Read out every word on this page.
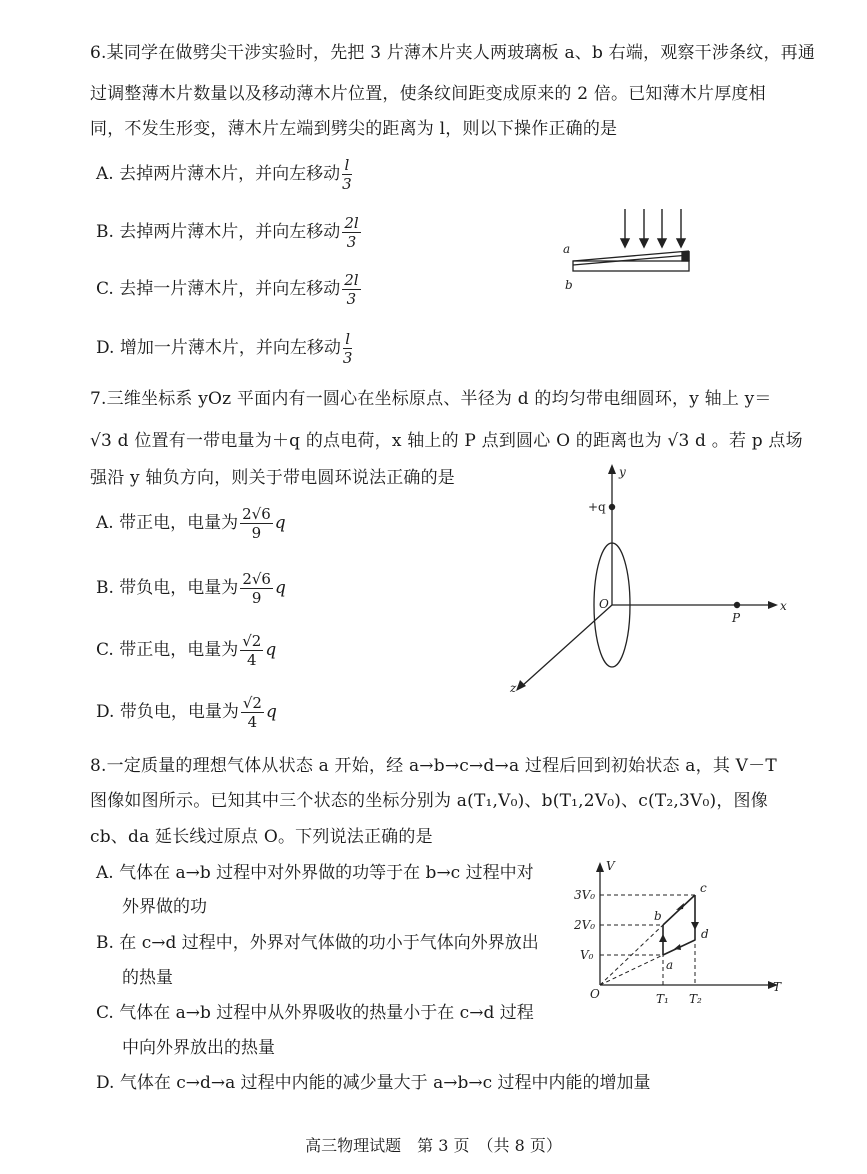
6.某同学在做劈尖干涉实验时，先把 3 片薄木片夹人两玻璃板 a、b 右端，观察干涉条纹，再通
过调整薄木片数量以及移动薄木片位置，使条纹间距变成原来的 2 倍。已知薄木片厚度相
同，不发生形变，薄木片左端到劈尖的距离为 l，则以下操作正确的是
A. 去掉两片薄木片，并向左移动 $\frac{l}{3}$
B. 去掉两片薄木片，并向左移动 $\frac{2l}{3}$
C. 去掉一片薄木片，并向左移动 $\frac{2l}{3}$
D. 增加一片薄木片，并向左移动 $\frac{l}{3}$
a
b
7.三维坐标系 yOz 平面内有一圆心在坐标原点、半径为 d 的均匀带电细圆环，y 轴上 y＝
√3 d 位置有一带电量为＋q 的点电荷，x 轴上的 P 点到圆心 O 的距离也为 √3 d 。若 p 点场
强沿 y 轴负方向，则关于带电圆环说法正确的是
A. 带正电，电量为 $\frac{2√6}{9}$ q
B. 带负电，电量为 $\frac{2√6}{9}$ q
C. 带正电，电量为 $\frac{√2}{4}$ q
D. 带负电，电量为 $\frac{√2}{4}$ q
y
+q
O
P
x
z
8.一定质量的理想气体从状态 a 开始，经 a→b→c→d→a 过程后回到初始状态 a，其 V－T
图像如图所示。已知其中三个状态的坐标分别为 a(T₁,V₀)、b(T₁,2V₀)、c(T₂,3V₀)，图像
cb、da 延长线过原点 O。下列说法正确的是
A. 气体在 a→b 过程中对外界做的功等于在 b→c 过程中对
外界做的功
B. 在 c→d 过程中，外界对气体做的功小于气体向外界放出
的热量
C. 气体在 a→b 过程中从外界吸收的热量小于在 c→d 过程
中向外界放出的热量
D. 气体在 c→d→a 过程中内能的减少量大于 a→b→c 过程中内能的增加量
V
T
O
3V₀
2V₀
V₀
T₁ T₂
a
b
c
d
高三物理试题　第 3 页　（共 8 页）
